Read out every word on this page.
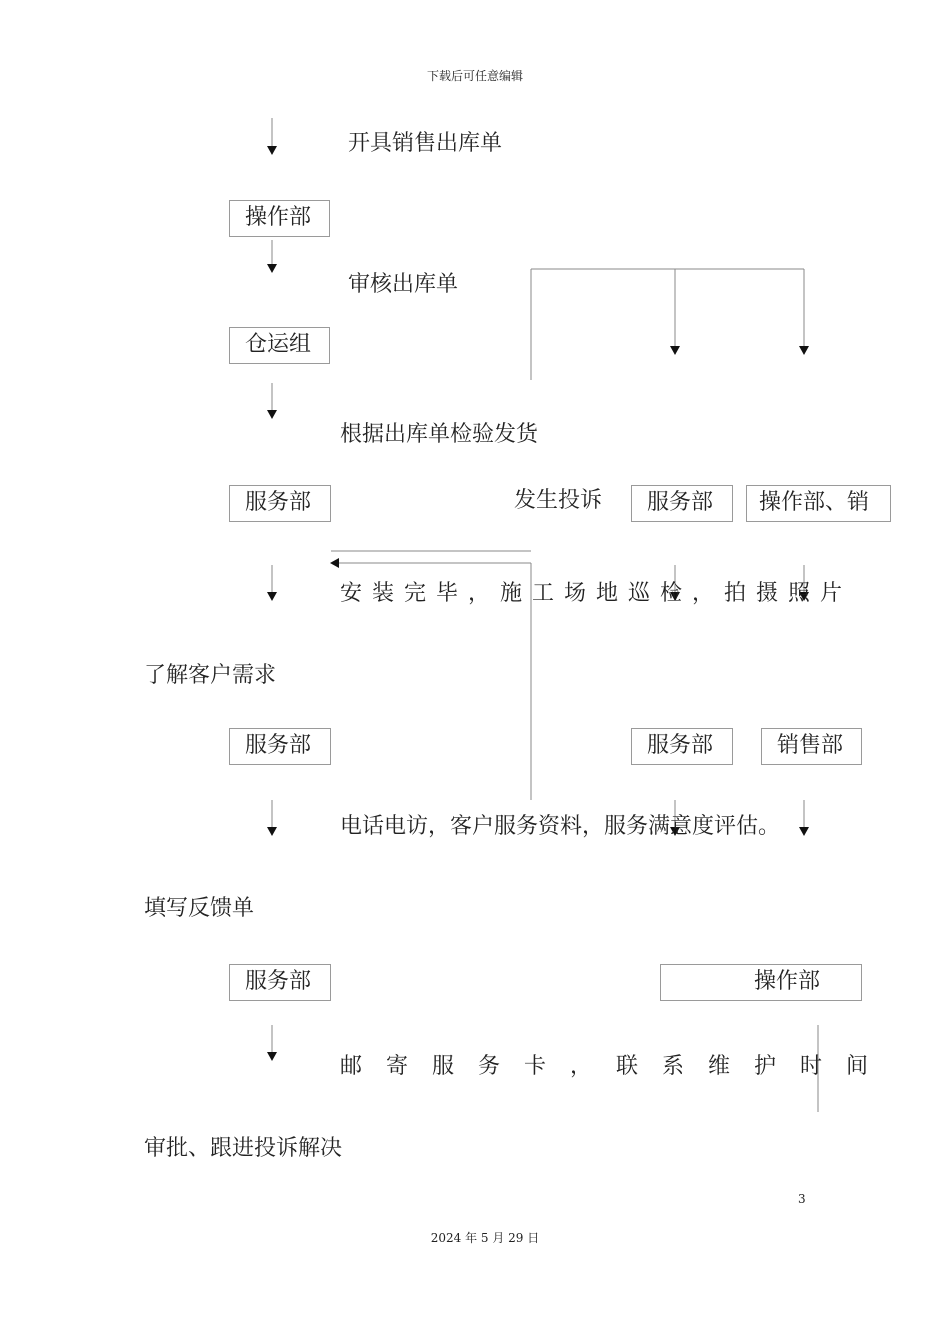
下载后可任意编辑
开具销售出库单
审核出库单
根据出库单检验发货
发生投诉
安装完毕，施工场地巡检，拍摄照片
了解客户需求
电话电访，客户服务资料，服务满意度评估。
填写反馈单
邮寄服务卡，联系维护时间
审批、跟进投诉解决
操作部
仓运组
服务部	服务部	操作部、销
服务部	服务部	销售部
服务部	操作部
3
2024 年 5 月 29 日
